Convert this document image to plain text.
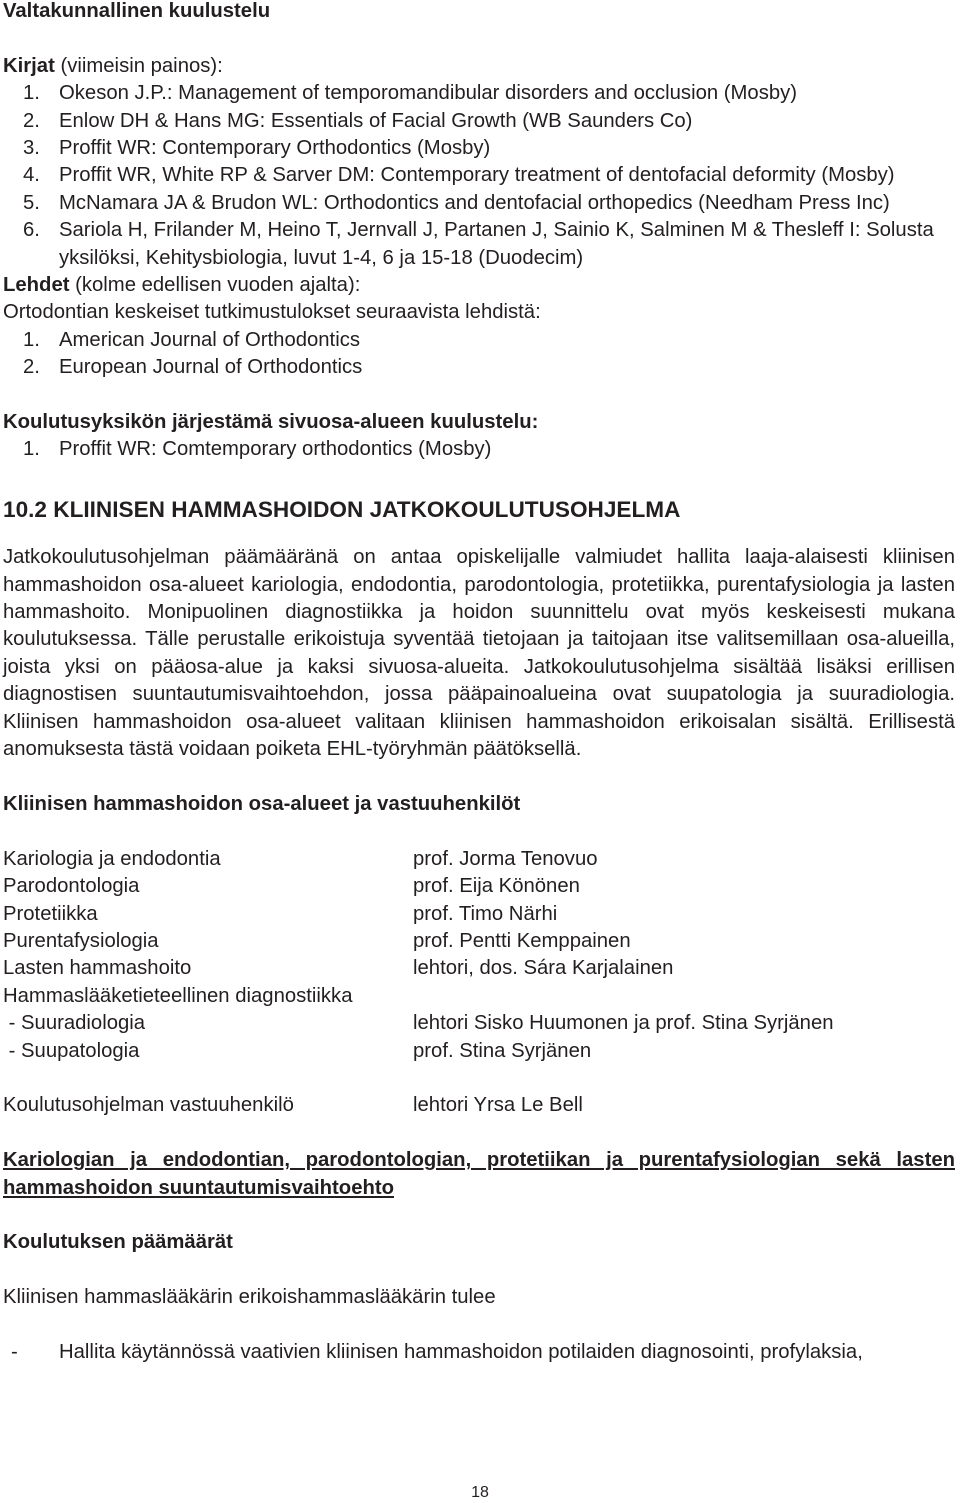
Valtakunnallinen kuulustelu

Kirjat (viimeisin painos):

1. Okeson J.P.: Management of temporomandibular disorders and occlusion (Mosby)
2. Enlow DH & Hans MG: Essentials of Facial Growth (WB Saunders Co)
3. Proffit WR: Contemporary Orthodontics (Mosby)
4. Proffit WR, White RP & Sarver DM: Contemporary treatment of dentofacial deformity (Mosby)
5. McNamara JA & Brudon WL: Orthodontics and dentofacial orthopedics (Needham Press Inc)
6. Sariola H, Frilander M, Heino T, Jernvall J, Partanen J, Sainio K, Salminen M & Thesleff I: Solusta yksilöksi, Kehitysbiologia, luvut 1-4, 6 ja 15-18 (Duodecim)

Lehdet (kolme edellisen vuoden ajalta):

Ortodontian keskeiset tutkimustulokset seuraavista lehdistä:

1. American Journal of Orthodontics
2. European Journal of Orthodontics

Koulutusyksikön järjestämä sivuosa-alueen kuulustelu:

1. Proffit WR: Comtemporary orthodontics (Mosby)
10.2 KLIINISEN HAMMASHOIDON JATKOKOULUTUSOHJELMA

Jatkokoulutusohjelman päämääränä on antaa opiskelijalle valmiudet hallita laaja-alaisesti kliinisen hammashoidon osa-alueet kariologia, endodontia, parodontologia, protetiikka, purentafysiologia ja lasten hammashoito. Monipuolinen diagnostiikka ja hoidon suunnittelu ovat myös keskeisesti mukana koulutuksessa. Tälle perustalle erikoistuja syventää tietojaan ja taitojaan itse valitsemillaan osa-alueilla, joista yksi on pääosa-alue ja kaksi sivuosa-alueita. Jatkokoulutusohjelma sisältää lisäksi erillisen diagnostisen suuntautumisvaihtoehdon, jossa pääpainoalueina ovat suupatologia ja suuradiologia. Kliinisen hammashoidon osa-alueet valitaan kliinisen hammashoidon erikoisalan sisältä. Erillisestä anomuksesta tästä voidaan poiketa EHL-työryhmän päätöksellä.

Kliinisen hammashoidon osa-alueet ja vastuuhenkilöt

Kariologia ja endodontia	prof. Jorma Tenovuo
Parodontologia	prof. Eija Könönen
Protetiikka	prof. Timo Närhi
Purentafysiologia	prof. Pentti Kemppainen
Lasten hammashoito	lehtori, dos. Sára Karjalainen
Hammaslääketieteellinen diagnostiikka	
- Suuradiologia	lehtori Sisko Huumonen ja prof. Stina Syrjänen
- Suupatologia	prof. Stina Syrjänen

Koulutusohjelman vastuuhenkilö	lehtori Yrsa Le Bell

Kariologian ja endodontian, parodontologian, protetiikan ja purentafysiologian sekä lasten hammashoidon suuntautumisvaihtoehto

Koulutuksen päämäärät

Kliinisen hammaslääkärin erikoishammaslääkärin tulee

- Hallita käytännössä vaativien kliinisen hammashoidon potilaiden diagnosointi, profylaksia,
18
